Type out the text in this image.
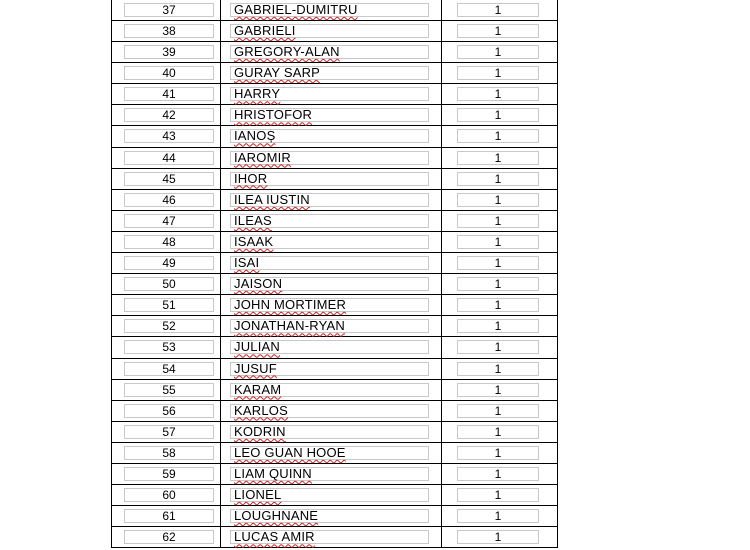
37	GABRIEL-DUMITRU	1
38	GABRIELI	1
39	GREGORY-ALAN	1
40	GURAY SARP	1
41	HARRY	1
42	HRISTOFOR	1
43	IANOȘ	1
44	IAROMIR	1
45	IHOR	1
46	ILEA IUSTIN	1
47	ILEAS	1
48	ISAAK	1
49	ISAI	1
50	JAISON	1
51	JOHN MORTIMER	1
52	JONATHAN-RYAN	1
53	JULIAN	1
54	JUSUF	1
55	KARAM	1
56	KARLOS	1
57	KODRIN	1
58	LEO GUAN HOOE	1
59	LIAM QUINN	1
60	LIONEL	1
61	LOUGHNANE	1
62	LUCAS AMIR	1
